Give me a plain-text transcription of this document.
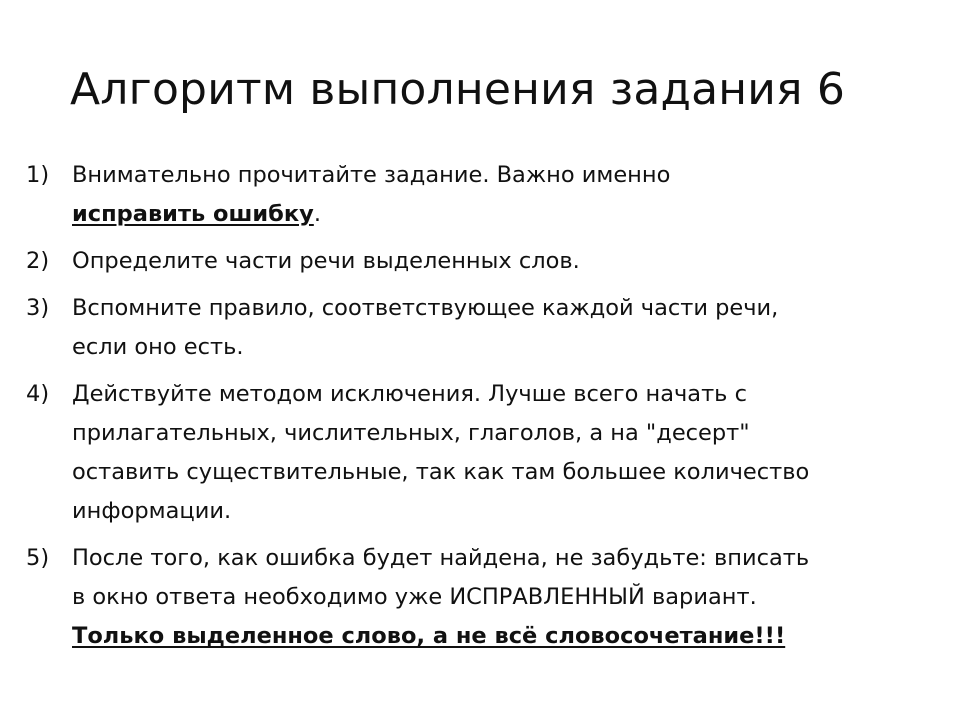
Алгоритм выполнения задания 6
1)	Внимательно прочитайте задание. Важно именно
исправить ошибку.
2)	Определите части речи выделенных слов.
3)	Вспомните правило, соответствующее каждой части речи,
если оно есть.
4)	Действуйте методом исключения. Лучше всего начать с
прилагательных, числительных, глаголов, а на "десерт"
оставить существительные, так как там большее количество
информации.
5)	После того, как ошибка будет найдена, не забудьте: вписать
в окно ответа необходимо уже ИСПРАВЛЕННЫЙ вариант.
Только выделенное слово, а не всё словосочетание!!!
